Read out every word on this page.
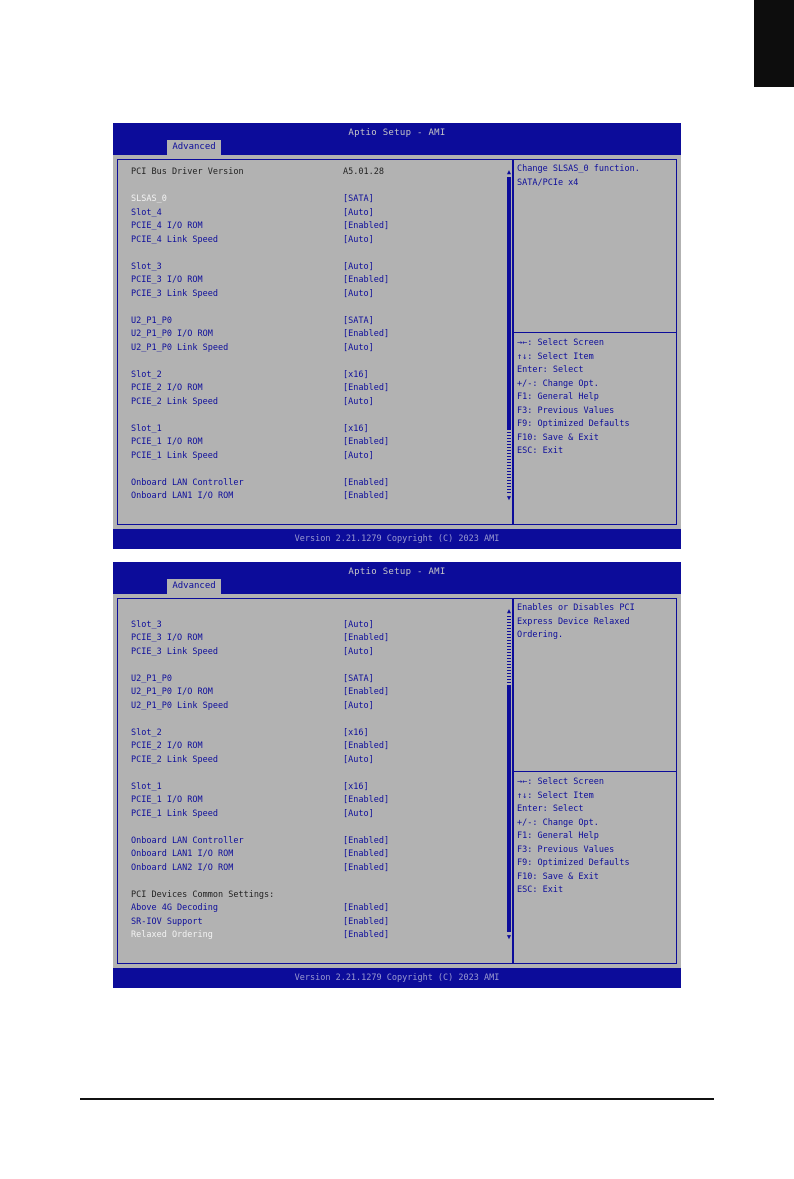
Aptio Setup - AMI
Advanced
PCI Bus Driver Version	A5.01.28
SLSAS_0	[SATA]
Slot_4	[Auto]
PCIE_4 I/O ROM	[Enabled]
PCIE_4 Link Speed	[Auto]
Slot_3	[Auto]
PCIE_3 I/O ROM	[Enabled]
PCIE_3 Link Speed	[Auto]
U2_P1_P0	[SATA]
U2_P1_P0 I/O ROM	[Enabled]
U2_P1_P0 Link Speed	[Auto]
Slot_2	[x16]
PCIE_2 I/O ROM	[Enabled]
PCIE_2 Link Speed	[Auto]
Slot_1	[x16]
PCIE_1 I/O ROM	[Enabled]
PCIE_1 Link Speed	[Auto]
Onboard LAN Controller	[Enabled]
Onboard LAN1 I/O ROM	[Enabled]
▲
▼
Change SLSAS_0 function.
SATA/PCIe x4
→←: Select Screen
↑↓: Select Item
Enter: Select
+/-: Change Opt.
F1: General Help
F3: Previous Values
F9: Optimized Defaults
F10: Save & Exit
ESC: Exit
Version 2.21.1279 Copyright (C) 2023 AMI
Aptio Setup - AMI
Advanced
Slot_3	[Auto]
PCIE_3 I/O ROM	[Enabled]
PCIE_3 Link Speed	[Auto]
U2_P1_P0	[SATA]
U2_P1_P0 I/O ROM	[Enabled]
U2_P1_P0 Link Speed	[Auto]
Slot_2	[x16]
PCIE_2 I/O ROM	[Enabled]
PCIE_2 Link Speed	[Auto]
Slot_1	[x16]
PCIE_1 I/O ROM	[Enabled]
PCIE_1 Link Speed	[Auto]
Onboard LAN Controller	[Enabled]
Onboard LAN1 I/O ROM	[Enabled]
Onboard LAN2 I/O ROM	[Enabled]
PCI Devices Common Settings:
Above 4G Decoding	[Enabled]
SR-IOV Support	[Enabled]
Relaxed Ordering	[Enabled]
▲
▼
Enables or Disables PCI
Express Device Relaxed
Ordering.
→←: Select Screen
↑↓: Select Item
Enter: Select
+/-: Change Opt.
F1: General Help
F3: Previous Values
F9: Optimized Defaults
F10: Save & Exit
ESC: Exit
Version 2.21.1279 Copyright (C) 2023 AMI
